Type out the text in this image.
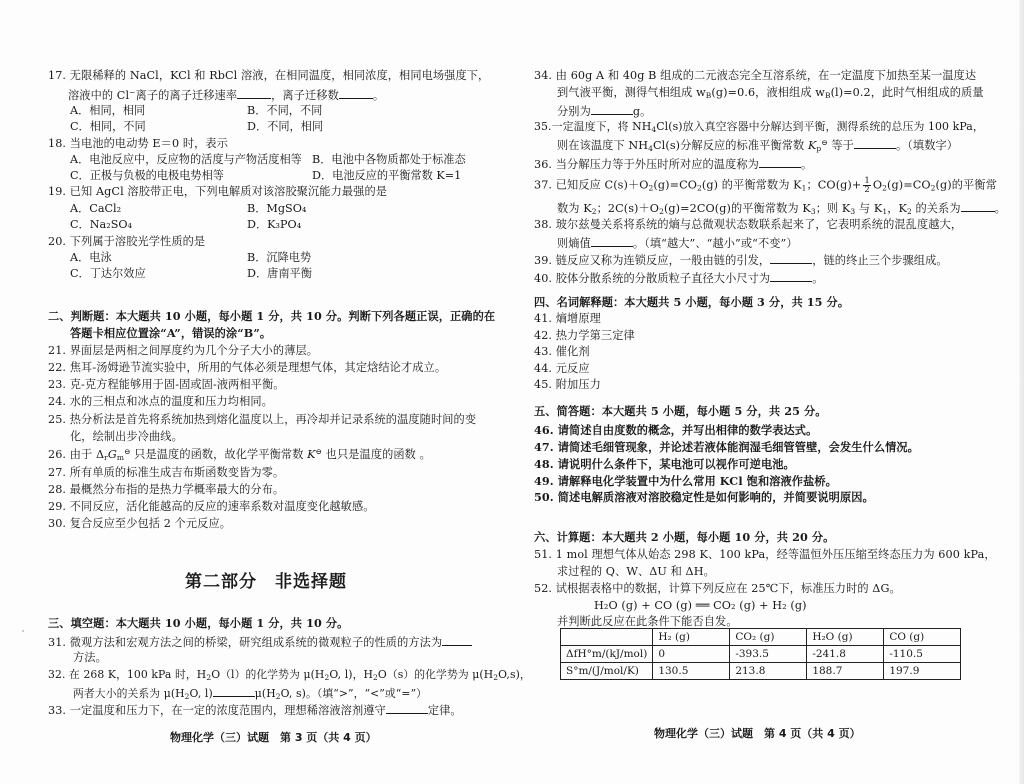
17. 无限稀释的 NaCl，KCl 和 RbCl 溶液，在相同温度，相同浓度，相同电场强度下，
溶液中的 Cl−离子的离子迁移速率	，离子迁移数	。
A．相同，相同	B．不同，不同
C．相同，不同	D．不同，相同
18. 当电池的电动势 E＝0 时，表示
A．电池反应中，反应物的活度与产物活度相等 B．电池中各物质都处于标准态
C．正极与负极的电极电势相等	D．电池反应的平衡常数 K=1
19. 已知 AgCl 溶胶带正电，下列电解质对该溶胶聚沉能力最强的是
A．CaCl₂	B．MgSO₄
C．Na₂SO₄	D．K₃PO₄
20. 下列属于溶胶光学性质的是
A．电泳	B．沉降电势
C．丁达尔效应	D．唐南平衡
二、判断题：本大题共 10 小题，每小题 1 分，共 10 分。判断下列各题正误，正确的在
答题卡相应位置涂“A”，错误的涂“B”。
21. 界面层是两相之间厚度约为几个分子大小的薄层。
22. 焦耳-汤姆逊节流实验中，所用的气体必须是理想气体，其定焓结论才成立。
23. 克-克方程能够用于固-固或固-液两相平衡。
24. 水的三相点和冰点的温度和压力均相同。
25. 热分析法是首先将系统加热到熔化温度以上，再冷却并记录系统的温度随时间的变
化，绘制出步冷曲线。
26. 由于 $\Delta_rG_m^⊖$ 只是温度的函数，故化学平衡常数 K⊖ 也只是温度的函数 。
27. 所有单质的标准生成吉布斯函数变皆为零。
28. 最概然分布指的是热力学概率最大的分布。
29. 不同反应，活化能越高的反应的速率系数对温度变化越敏感。
30. 复合反应至少包括 2 个元反应。
第二部分　非选择题
三、填空题：本大题共 10 小题，每小题 1 分，共 10 分。
31. 微观方法和宏观方法之间的桥梁，研究组成系统的微观粒子的性质的方法为
方法。
32. 在 268 K，100 kPa 时，$H_2O(l)$的化学势为 $\mu(H_2O$, l)，$H_2O(s)$的化学势为 $\mu(H_2O,s)$，
两者大小的关系为 $\mu(H_2O$, l)	$\mu(H_2O$, s)。（填“>”，“<”或“=”）
33. 一定温度和压力下，在一定的浓度范围内，理想稀溶液溶剂遵守	定律。
物理化学（三）试题　第 3 页（共 4 页）
34. 由 60g A 和 40g B 组成的二元液态完全互溶系统，在一定温度下加热至某一温度达
到气液平衡，测得气相组成 $w_B(g)=0.6$，液相组成 $w_B(l)=0.2$，此时气相组成的质量
分别为	g。
35.一定温度下，将 $NH_4Cl(s)$放入真空容器中分解达到平衡，测得系统的总压为 100 kPa，
则在该温度下 $NH_4Cl(s)$分解反应的标准平衡常数 $K_p^⊖$ 等于	。（填数字）
36. 当分解压力等于外压时所对应的温度称为	。
37. 已知反应 $C(s)+O_2(g)=CO_2(g)$ 的平衡常数为 $K_1$；$CO(g)+ \frac{1}{2} O_2(g)=CO_2(g)$的平衡常
数为 $K_2$；$2C(s)+O_2(g)=2CO(g)$的平衡常数为 $K_3$；则 $K_3$ 与 $K_1$，$K_2$ 的关系为	。
38. 玻尔兹曼关系将系统的熵与总微观状态数联系起来了，它表明系统的混乱度越大，
则熵值	。（填“越大”、“越小”或“不变”）
39. 链反应又称为连锁反应，一般由链的引发，	，链的终止三个步骤组成。
40. 胶体分散系统的分散质粒子直径大小尺寸为	。
四、名词解释题：本大题共 5 小题，每小题 3 分，共 15 分。
41. 熵增原理
42. 热力学第三定律
43. 催化剂
44. 元反应
45. 附加压力
五、简答题：本大题共 5 小题，每小题 5 分，共 25 分。
46. 请简述自由度数的概念，并写出相律的数学表达式。
47. 请简述毛细管现象，并论述若液体能润湿毛细管管壁，会发生什么情况。
48. 请说明什么条件下，某电池可以视作可逆电池。
49. 请解释电化学装置中为什么常用 KCl 饱和溶液作盐桥。
50. 简述电解质溶液对溶胶稳定性是如何影响的，并简要说明原因。
六、计算题：本大题共 2 小题，每小题 10 分，共 20 分。
51. 1 mol 理想气体从始态 298 K、100 kPa，经等温恒外压压缩至终态压力为 600 kPa，
求过程的 Q、W、ΔU 和 ΔH。
52. 试根据表格中的数据，计算下列反应在 25℃下，标准压力时的 ΔG。
H₂O (g) + CO (g) ══ CO₂ (g) + H₂ (g)
并判断此反应在此条件下能否自发。
物理化学（三）试题　第 4 页（共 4 页）
	H₂ (g)	CO₂ (g)	H₂O (g)	CO (g)
ΔfH°m/(kJ/mol)	0	-393.5	-241.8	-110.5
S°m/(J/mol/K)	130.5	213.8	188.7	197.9
